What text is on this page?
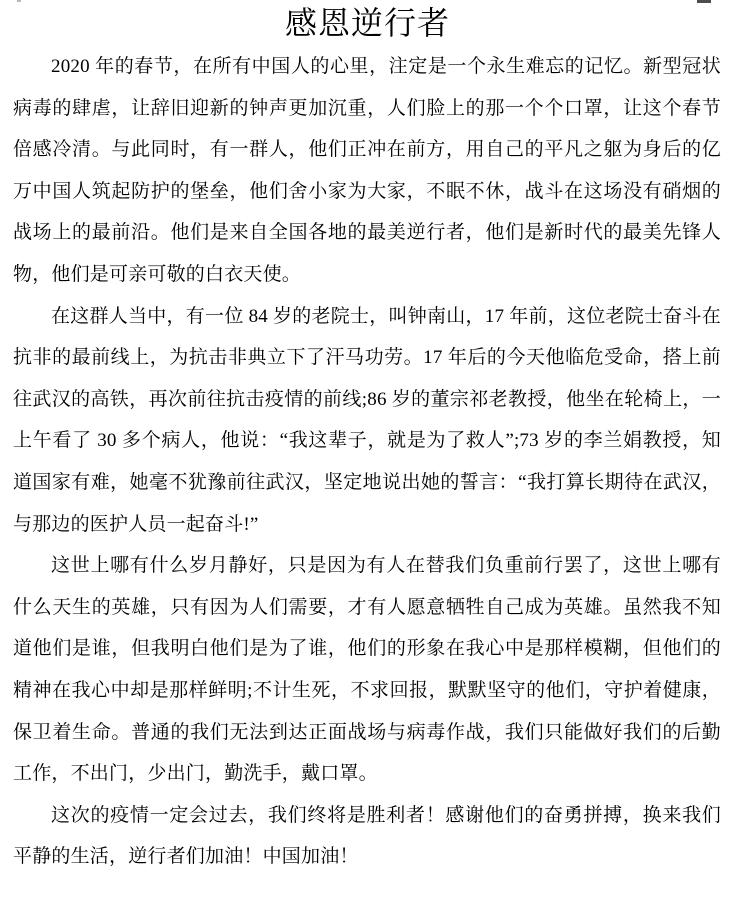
感恩逆行者

2020 年的春节，在所有中国人的心里，注定是一个永生难忘的记忆。新型冠状病毒的肆虐，让辞旧迎新的钟声更加沉重，人们脸上的那一个个口罩，让这个春节倍感冷清。与此同时，有一群人，他们正冲在前方，用自己的平凡之躯为身后的亿万中国人筑起防护的堡垒，他们舍小家为大家，不眠不休，战斗在这场没有硝烟的战场上的最前沿。他们是来自全国各地的最美逆行者，他们是新时代的最美先锋人物，他们是可亲可敬的白衣天使。

在这群人当中，有一位 84 岁的老院士，叫钟南山，17 年前，这位老院士奋斗在抗非的最前线上，为抗击非典立下了汗马功劳。17 年后的今天他临危受命，搭上前往武汉的高铁，再次前往抗击疫情的前线;86 岁的董宗祁老教授，他坐在轮椅上，一上午看了 30 多个病人，他说：“我这辈子，就是为了救人”;73 岁的李兰娟教授，知道国家有难，她毫不犹豫前往武汉，坚定地说出她的誓言：“我打算长期待在武汉，与那边的医护人员一起奋斗!”

这世上哪有什么岁月静好，只是因为有人在替我们负重前行罢了，这世上哪有什么天生的英雄，只有因为人们需要，才有人愿意牺牲自己成为英雄。虽然我不知道他们是谁，但我明白他们是为了谁，他们的形象在我心中是那样模糊，但他们的精神在我心中却是那样鲜明;不计生死，不求回报，默默坚守的他们，守护着健康，保卫着生命。普通的我们无法到达正面战场与病毒作战，我们只能做好我们的后勤工作，不出门，少出门，勤洗手，戴口罩。

这次的疫情一定会过去，我们终将是胜利者！感谢他们的奋勇拼搏，换来我们平静的生活，逆行者们加油！中国加油！
